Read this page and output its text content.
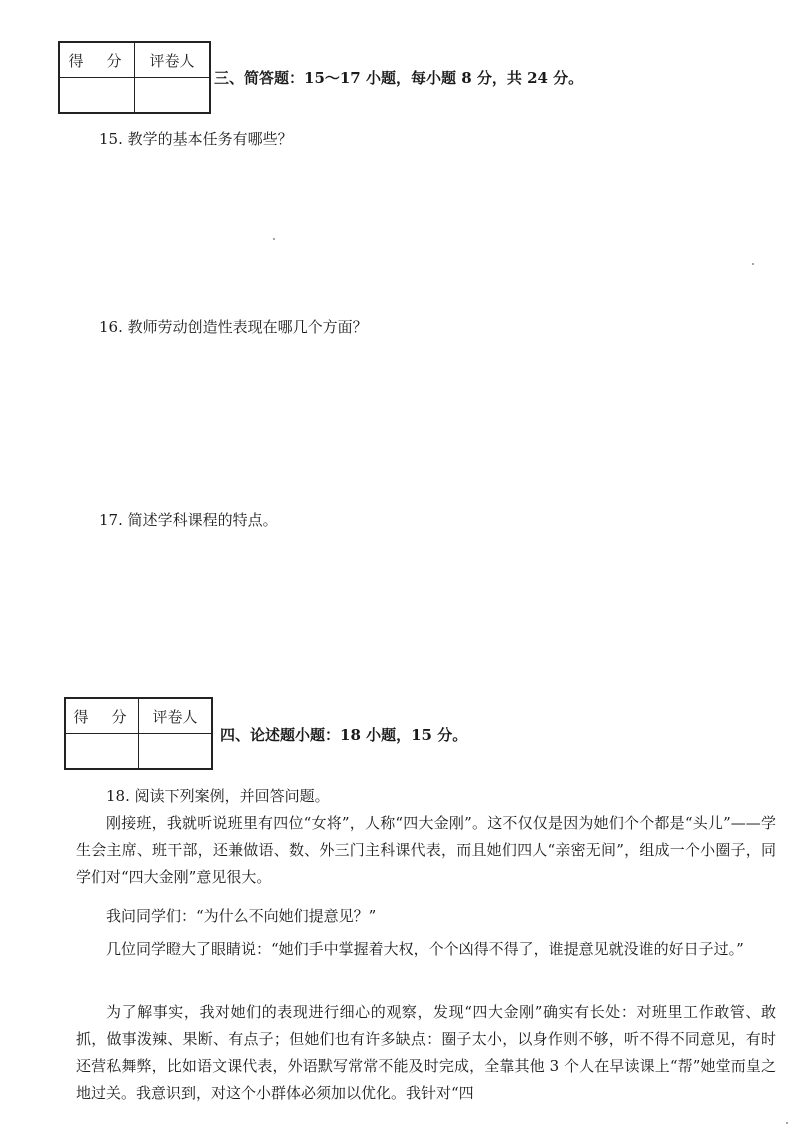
得　分	评卷人

三、简答题：15～17 小题，每小题 8 分，共 24 分。
15. 教学的基本任务有哪些？
16. 教师劳动创造性表现在哪几个方面？
17. 简述学科课程的特点。
得　分	评卷人

四、论述题小题：18 小题，15 分。
18. 阅读下列案例，并回答问题。
刚接班，我就听说班里有四位“女将”，人称“四大金刚”。这不仅仅是因为她们个个都是“头儿”——学生会主席、班干部，还兼做语、数、外三门主科课代表，而且她们四人“亲密无间”，组成一个小圈子，同学们对“四大金刚”意见很大。
我问同学们：“为什么不向她们提意见？”
几位同学瞪大了眼睛说：“她们手中掌握着大权，个个凶得不得了，谁提意见就没谁的好日子过。”
为了解事实，我对她们的表现进行细心的观察，发现“四大金刚”确实有长处：对班里工作敢管、敢抓，做事泼辣、果断、有点子；但她们也有许多缺点：圈子太小，以身作则不够，听不得不同意见，有时还营私舞弊，比如语文课代表，外语默写常常不能及时完成，全靠其他 3 个人在早读课上“帮”她堂而皇之地过关。我意识到，对这个小群体必须加以优化。我针对“四
